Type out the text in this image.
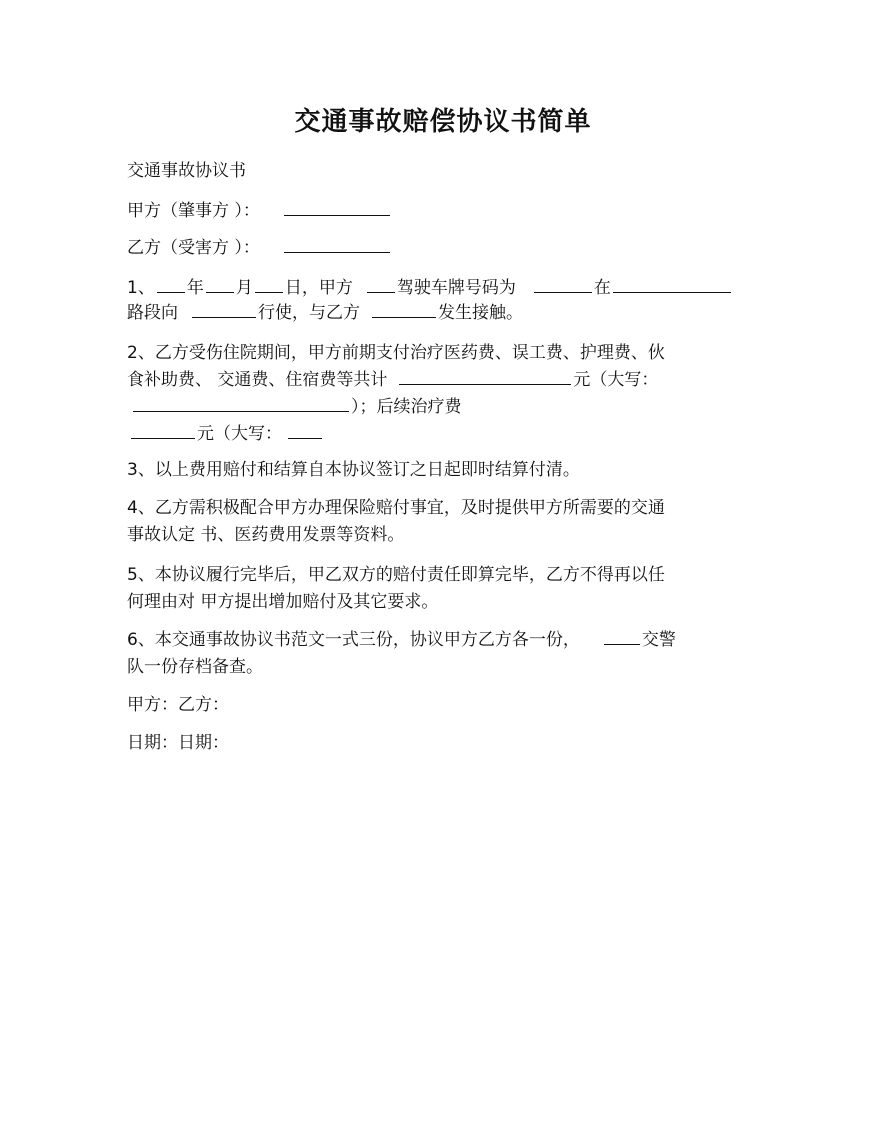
交通事故赔偿协议书简单
交通事故协议书
甲方（肇事方 ）：
乙方（受害方 ）：
1、 年 月 日，甲方	驾驶车牌号码为	在
路段向	行使，与乙方	发生接触。
2、乙方受伤住院期间，甲方前期支付治疗医药费、误工费、护理费、伙
食补助费、 交通费、住宿费等共计	元（大写：
）；后续治疗费
元（大写：
3、以上费用赔付和结算自本协议签订之日起即时结算付清。
4、乙方需积极配合甲方办理保险赔付事宜，及时提供甲方所需要的交通
事故认定 书、医药费用发票等资料。
5、本协议履行完毕后，甲乙双方的赔付责任即算完毕，乙方不得再以任
何理由对 甲方提出增加赔付及其它要求。
6、本交通事故协议书范文一式三份，协议甲方乙方各一份，	交警
队一份存档备查。
甲方：乙方：
日期：日期：
